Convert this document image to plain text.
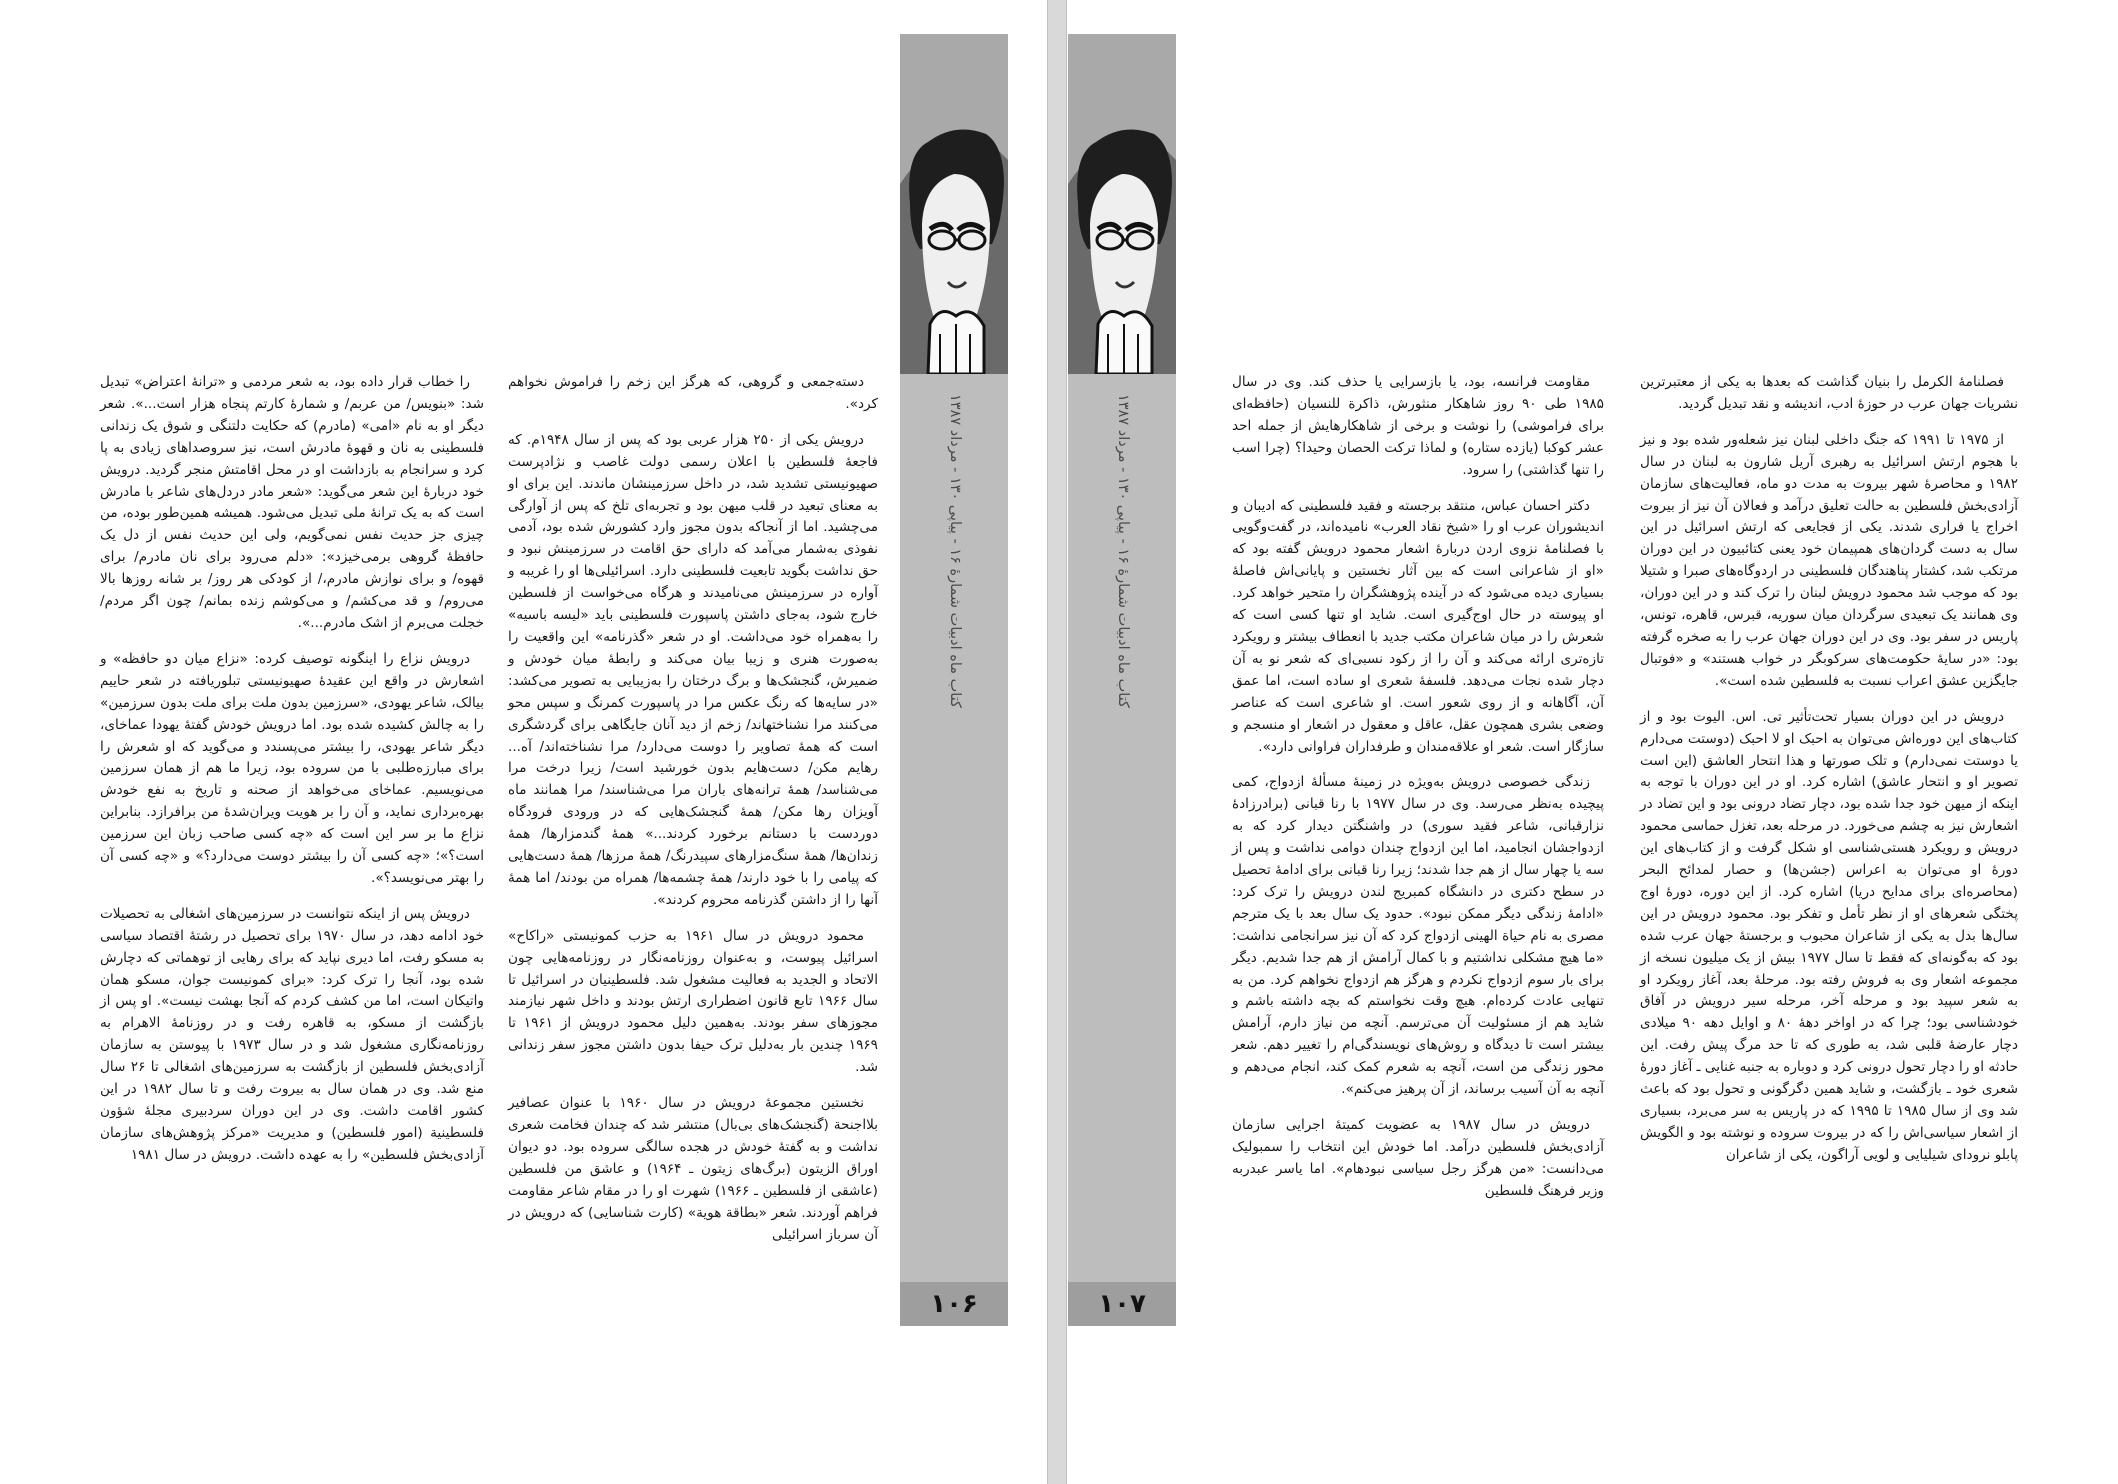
را خطاب قرار داده بود، به شعر مردمی و «ترانهٔ اعتراض» تبدیل شد: «بنویس/ من عربم/ و شمارهٔ کارتم پنجاه هزار است...». شعر دیگر او به نام «امی» (مادرم) که حکایت دلتنگی و شوق یک زندانی فلسطینی به نان و قهوهٔ مادرش است، نیز سروصداهای زیادی به پا کرد و سرانجام به بازداشت او در محل اقامتش منجر گردید. درویش خود دربارهٔ این شعر می‌گوید: «شعر مادر دردل‌های شاعر با مادرش است که به یک ترانهٔ ملی تبدیل می‌شود. همیشه همین‌طور بوده، من چیزی جز حدیث نفس نمی‌گویم، ولی این حدیث نفس از دل یک حافظهٔ گروهی برمی‌خیزد»: «دلم می‌رود برای نان مادرم/ برای قهوه/ و برای نوازش مادرم،/ از کودکی هر روز/ بر شانه روزها بالا می‌روم/ و قد می‌کشم/ و می‌کوشم زنده بمانم/ چون اگر مردم/ خجلت می‌برم از اشک مادرم...».

درویش نزاع را اینگونه توصیف کرده: «نزاع میان دو حافظه» و اشعارش در واقع این عقیدهٔ صهیونیستی تبلوریافته در شعر حاییم بیالک، شاعر یهودی، «سرزمین بدون ملت برای ملت بدون سرزمین» را به چالش کشیده شده بود. اما درویش خودش گفتهٔ یهودا عماخای، دیگر شاعر یهودی، را بیشتر می‌پسندد و می‌گوید که او شعرش را برای مبارزه‌طلبی با من سروده بود، زیرا ما هم از همان سرزمین می‌نویسیم. عماخای می‌خواهد از صحنه و تاریخ به نفع خودش بهره‌برداری نماید، و آن را بر هویت ویران‌شدهٔ من برافرازد. بنابراین نزاع ما بر سر این است که «چه کسی صاحب زبان این سرزمین است؟»؛ «چه کسی آن را بیشتر دوست می‌دارد؟» و «چه کسی آن را بهتر می‌نویسد؟».

درویش پس از اینکه نتوانست در سرزمین‌های اشغالی به تحصیلات خود ادامه دهد، در سال ۱۹۷۰ برای تحصیل در رشتهٔ اقتصاد سیاسی به مسکو رفت، اما دیری نپاید که برای رهایی از توهماتی که دچارش شده بود، آنجا را ترک کرد: «برای کمونیست جوان، مسکو همان واتیکان است، اما من کشف کردم که آنجا بهشت نیست». او پس از بازگشت از مسکو، به قاهره رفت و در روزنامهٔ الاهرام به روزنامه‌نگاری مشغول شد و در سال ۱۹۷۳ با پیوستن به سازمان آزادی‌بخش فلسطین از بازگشت به سرزمین‌های اشغالی تا ۲۶ سال منع شد. وی در همان سال به بیروت رفت و تا سال ۱۹۸۲ در این کشور اقامت داشت. وی در این دوران سردبیری مجلهٔ شؤون فلسطینیة (امور فلسطین) و مدیریت «مرکز پژوهش‌های سازمان آزادی‌بخش فلسطین» را به عهده داشت. درویش در سال ۱۹۸۱

دسته‌جمعی و گروهی، که هرگز این زخم را فراموش نخواهم کرد».

درویش یکی از ۲۵۰ هزار عربی بود که پس از سال ۱۹۴۸م. که فاجعهٔ فلسطین با اعلان رسمی دولت غاصب و نژادپرست صهیونیستی تشدید شد، در داخل سرزمینشان ماندند. این برای او به معنای تبعید در قلب میهن بود و تجربه‌ای تلخ که پس از آوارگی می‌چشید. اما از آنجاکه بدون مجوز وارد کشورش شده بود، آدمی نفوذی به‌شمار می‌آمد که دارای حق اقامت در سرزمینش نبود و حق نداشت بگوید تابعیت فلسطینی دارد. اسرائیلی‌ها او را غریبه و آواره در سرزمینش می‌نامیدند و هرگاه می‌خواست از فلسطین خارج شود، به‌جای داشتن پاسپورت فلسطینی باید «لیسه باسیه» را به‌همراه خود می‌داشت. او در شعر «گذرنامه» این واقعیت را به‌صورت هنری و زیبا بیان می‌کند و رابطهٔ میان خودش و ضمیرش، گنجشک‌ها و برگ درختان را به‌زیبایی به تصویر می‌کشد: «در سایه‌ها که رنگ عکس مرا در پاسپورت کمرنگ و سپس محو می‌کنند مرا نشناختهاند/ زخم از دید آنان جایگاهی برای گردشگری است که همهٔ تصاویر را دوست می‌دارد/ مرا نشناخته‌اند/ آه... رهایم مکن/ دست‌هایم بدون خورشید است/ زیرا درخت مرا می‌شناسد/ همهٔ ترانه‌های باران مرا می‌شناسند/ مرا همانند ماه آویزان رها مکن/ همهٔ گنجشک‌هایی که در ورودی فرودگاه دوردست با دستانم برخورد کردند...» همهٔ گندمزارها/ همهٔ زندان‌ها/ همهٔ سنگ‌مزارهای سپیدرنگ/ همهٔ مرزها/ همهٔ دست‌هایی که پیامی را با خود دارند/ همهٔ چشمه‌ها/ همراه من بودند/ اما همهٔ آنها را از داشتن گذرنامه محروم کردند».

محمود درویش در سال ۱۹۶۱ به حزب کمونیستی «راکاح» اسرائیل پیوست، و به‌عنوان روزنامه‌نگار در روزنامه‌هایی چون الاتحاد و الجدید به فعالیت مشغول شد. فلسطینیان در اسرائیل تا سال ۱۹۶۶ تابع قانون اضطراری ارتش بودند و داخل شهر نیازمند مجوزهای سفر بودند. به‌همین دلیل محمود درویش از ۱۹۶۱ تا ۱۹۶۹ چندین بار به‌دلیل ترک حیفا بدون داشتن مجوز سفر زندانی شد.

نخستین مجموعهٔ درویش در سال ۱۹۶۰ با عنوان عصافیر بلااجنحة (گنجشک‌های بی‌بال) منتشر شد که چندان فخامت شعری نداشت و به گفتهٔ خودش در هجده سالگی سروده بود. دو دیوان اوراق الزیتون (برگ‌های زیتون ـ ۱۹۶۴) و عاشق من فلسطین (عاشقی از فلسطین ـ ۱۹۶۶) شهرت او را در مقام شاعر مقاومت فراهم آوردند. شعر «بطاقة هویة» (کارت شناسایی) که درویش در آن سرباز اسرائیلی

کتاب ماه ادبیات شمارهٔ ۱۶ - پیاپی ۱۳۰ - مرداد ۱۳۸۷
۱۰۶
کتاب ماه ادبیات شمارهٔ ۱۶ - پیاپی ۱۳۰ - مرداد ۱۳۸۷
۱۰۷

مقاومت فرانسه، بود، یا بازسرایی یا حذف کند. وی در سال ۱۹۸۵ طی ۹۰ روز شاهکار منثورش، ذاکرة للنسیان (حافظه‌ای برای فراموشی) را نوشت و برخی از شاهکارهایش از جمله احد عشر کوکبا (یازده ستاره) و لماذا ترکت الحصان وحیدا؟ (چرا اسب را تنها گذاشتی) را سرود.

دکتر احسان عباس، منتقد برجسته و فقید فلسطینی که ادیبان و اندیشوران عرب او را «شیخ نقاد العرب» نامیده‌اند، در گفت‌وگویی با فصلنامهٔ نزوی اردن دربارهٔ اشعار محمود درویش گفته بود که «او از شاعرانی است که بین آثار نخستین و پایانی‌اش فاصلهٔ بسیاری دیده می‌شود که در آینده پژوهشگران را متحیر خواهد کرد. او پیوسته در حال اوج‌گیری است. شاید او تنها کسی است که شعرش را در میان شاعران مکتب جدید با انعطاف بیشتر و رویکرد تازه‌تری ارائه می‌کند و آن را از رکود نسبی‌ای که شعر نو به آن دچار شده نجات می‌دهد. فلسفهٔ شعری او ساده است، اما عمق آن، آگاهانه و از روی شعور است. او شاعری است که عناصر وضعی بشری همچون عقل، عاقل و معقول در اشعار او منسجم و سازگار است. شعر او علاقه‌مندان و طرفداران فراوانی دارد».

زندگی خصوصی درویش به‌ویژه در زمینهٔ مسألهٔ ازدواج، کمی پیچیده به‌نظر می‌رسد. وی در سال ۱۹۷۷ با رنا قبانی (برادرزادهٔ نزارقبانی، شاعر فقید سوری) در واشنگتن دیدار کرد که به ازدواجشان انجامید، اما این ازدواج چندان دوامی نداشت و پس از سه یا چهار سال از هم جدا شدند؛ زیرا رنا قبانی برای ادامهٔ تحصیل در سطح دکتری در دانشگاه کمبریج لندن درویش را ترک کرد: «ادامهٔ زندگی دیگر ممکن نبود». حدود یک سال بعد با یک مترجم مصری به نام حیاة الهینی ازدواج کرد که آن نیز سرانجامی نداشت: «ما هیچ مشکلی نداشتیم و با کمال آرامش از هم جدا شدیم. دیگر برای بار سوم ازدواج نکردم و هرگز هم ازدواج نخواهم کرد. من به تنهایی عادت کرده‌ام. هیچ وقت نخواستم که بچه داشته باشم و شاید هم از مسئولیت آن می‌ترسم. آنچه من نیاز دارم، آرامش بیشتر است تا دیدگاه و روش‌های نویسندگی‌ام را تغییر دهم. شعر محور زندگی من است، آنچه به شعرم کمک کند، انجام می‌دهم و آنچه به آن آسیب برساند، از آن پرهیز می‌کنم».

درویش در سال ۱۹۸۷ به عضویت کمیتهٔ اجرایی سازمان آزادی‌بخش فلسطین درآمد. اما خودش این انتخاب را سمبولیک می‌دانست: «من هرگز رجل سیاسی نبودهام». اما یاسر عبدربه وزیر فرهنگ فلسطین

فصلنامهٔ الکرمل را بنیان گذاشت که بعدها به یکی از معتبرترین نشریات جهان عرب در حوزهٔ ادب، اندیشه و نقد تبدیل گردید.

از ۱۹۷۵ تا ۱۹۹۱ که جنگ داخلی لبنان نیز شعله‌ور شده بود و نیز با هجوم ارتش اسرائیل به رهبری آریل شارون به لبنان در سال ۱۹۸۲ و محاصرهٔ شهر بیروت به مدت دو ماه، فعالیت‌های سازمان آزادی‌بخش فلسطین به حالت تعلیق درآمد و فعالان آن نیز از بیروت اخراج یا فراری شدند. یکی از فجایعی که ارتش اسرائیل در این سال به دست گردان‌های همپیمان خود یعنی کتائبیون در این دوران مرتکب شد، کشتار پناهندگان فلسطینی در اردوگاه‌های صبرا و شتیلا بود که موجب شد محمود درویش لبنان را ترک کند و در این دوران، وی همانند یک تبعیدی سرگردان میان سوریه، قبرس، قاهره، تونس، پاریس در سفر بود. وی در این دوران جهان عرب را به صخره گرفته بود: «در سایهٔ حکومت‌های سرکوبگر در خواب هستند» و «فوتبال جایگزین عشق اعراب نسبت به فلسطین شده است».

درویش در این دوران بسیار تحت‌تأثیر تی. اس. الیوت بود و از کتاب‌های این دوره‌اش می‌توان به احبک او لا احبک (دوستت می‌دارم یا دوستت نمی‌دارم) و تلک صورتها و هذا انتحار العاشق (این است تصویر او و انتحار عاشق) اشاره کرد. او در این دوران با توجه به اینکه از میهن خود جدا شده بود، دچار تضاد درونی بود و این تضاد در اشعارش نیز به چشم می‌خورد. در مرحله بعد، تغزل حماسی محمود درویش و رویکرد هستی‌شناسی او شکل گرفت و از کتاب‌های این دورهٔ او می‌توان به اعراس (جشن‌ها) و حصار لمدائح البحر (محاصره‌ای برای مدایح دریا) اشاره کرد. از این دوره، دورهٔ اوج پختگی شعرهای او از نظر تأمل و تفکر بود. محمود درویش در این سال‌ها بدل به یکی از شاعران محبوب و برجستهٔ جهان عرب شده بود که به‌گونه‌ای که فقط تا سال ۱۹۷۷ بیش از یک میلیون نسخه از مجموعه اشعار وی به فروش رفته بود. مرحلهٔ بعد، آغاز رویکرد او به شعر سپید بود و مرحله آخر، مرحله سیر درویش در آفاق خودشناسی بود؛ چرا که در اواخر دههٔ ۸۰ و اوایل دهه ۹۰ میلادی دچار عارضهٔ قلبی شد، به طوری که تا حد مرگ پیش رفت. این حادثه او را دچار تحول درونی کرد و دوباره به جنبه غنایی ـ آغاز دورهٔ شعری خود ـ بازگشت، و شاید همین دگرگونی و تحول بود که باعث شد وی از سال ۱۹۸۵ تا ۱۹۹۵ که در پاریس به سر می‌برد، بسیاری از اشعار سیاسی‌اش را که در بیروت سروده و نوشته بود و الگویش پابلو نرودای شیلیایی و لویی آراگون، یکی از شاعران
